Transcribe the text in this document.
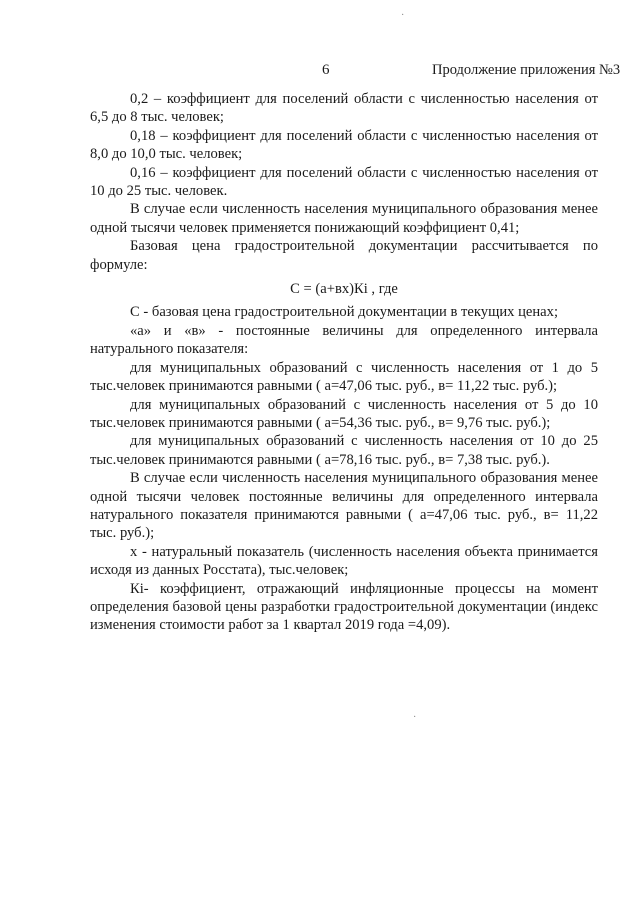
6	Продолжение приложения №3

0,2 – коэффициент для поселений области с численностью населения от 6,5 до 8 тыс. человек;

0,18 – коэффициент для поселений области с численностью населения от 8,0 до 10,0 тыс. человек;

0,16 – коэффициент для поселений области с численностью населения от 10 до 25 тыс. человек.

В случае если численность населения муниципального образования менее одной тысячи человек применяется понижающий коэффициент 0,41;

Базовая цена градостроительной документации рассчитывается по формуле:

С = (а+вх)Кi , где

С - базовая цена градостроительной документации в текущих ценах;

«а» и «в» - постоянные величины для определенного интервала натурального показателя:

для муниципальных образований с численность населения от 1 до 5 тыс.человек принимаются равными ( а=47,06 тыс. руб., в= 11,22 тыс. руб.);

для муниципальных образований с численность населения от 5 до 10 тыс.человек принимаются равными ( а=54,36 тыс. руб., в= 9,76 тыс. руб.);

для муниципальных образований с численность населения от 10 до 25 тыс.человек принимаются равными ( а=78,16 тыс. руб., в= 7,38 тыс. руб.).

В случае если численность населения муниципального образования менее одной тысячи человек постоянные величины для определенного интервала натурального показателя принимаются равными ( а=47,06 тыс. руб., в= 11,22 тыс. руб.);

х - натуральный показатель (численность населения объекта принимается исходя из данных Росстата), тыс.человек;

Кi- коэффициент, отражающий инфляционные процессы на момент определения базовой цены разработки градостроительной документации (индекс изменения стоимости работ за 1 квартал 2019 года =4,09).

·
·
